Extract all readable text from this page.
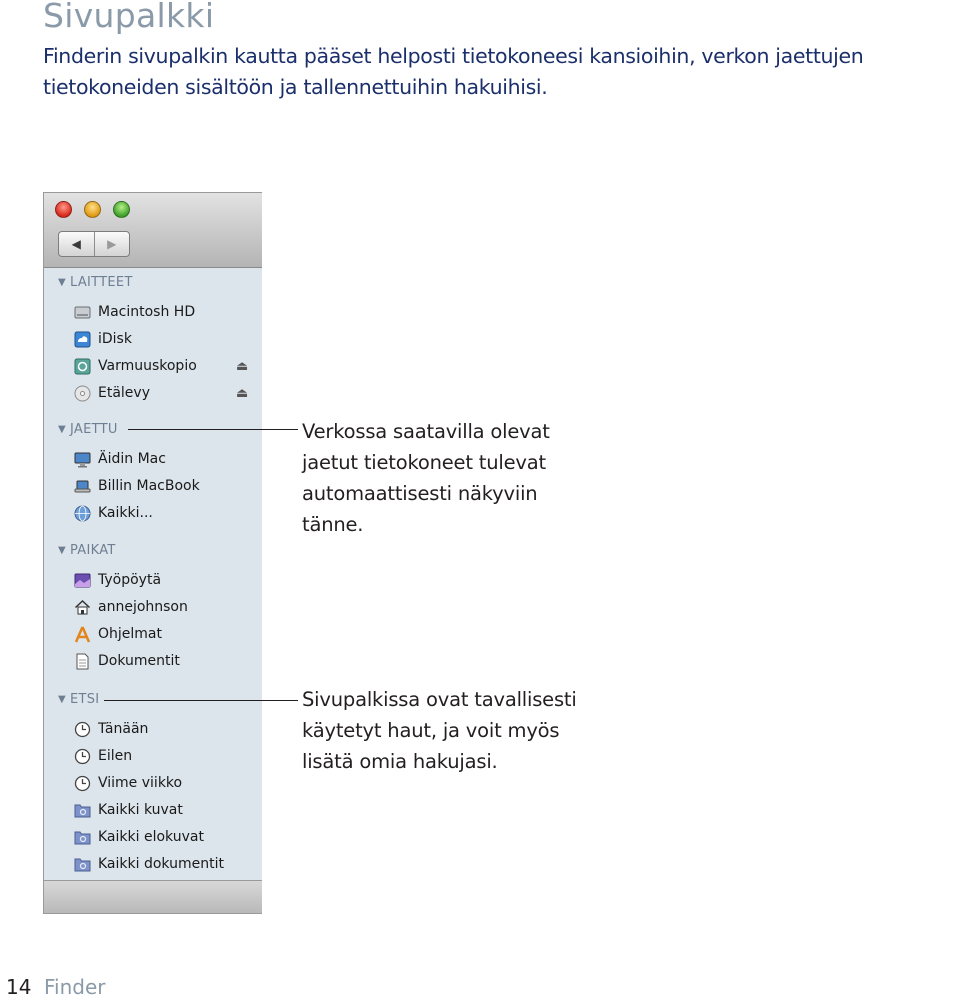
Sivupalkki

Finderin sivupalkin kautta pääset helposti tietokoneesi kansioihin, verkon jaettujen tietokoneiden sisältöön ja tallennettuihin hakuihisi.

◀ ▶
▼ LAITTEET
Macintosh HD
iDisk
Varmuuskopio	⏏
Etälevy	⏏
▼ JAETTU
Äidin Mac
Billin MacBook
Kaikki...
▼ PAIKAT
Työpöytä
annejohnson
Ohjelmat
Dokumentit
▼ ETSI
Tänään
Eilen
Viime viikko
Kaikki kuvat
Kaikki elokuvat
Kaikki dokumentit

Verkossa saatavilla olevat jaetut tietokoneet tulevat automaattisesti näkyviin tänne.

Sivupalkissa ovat tavallisesti käytetyt haut, ja voit myös lisätä omia hakujasi.

14 Finder
